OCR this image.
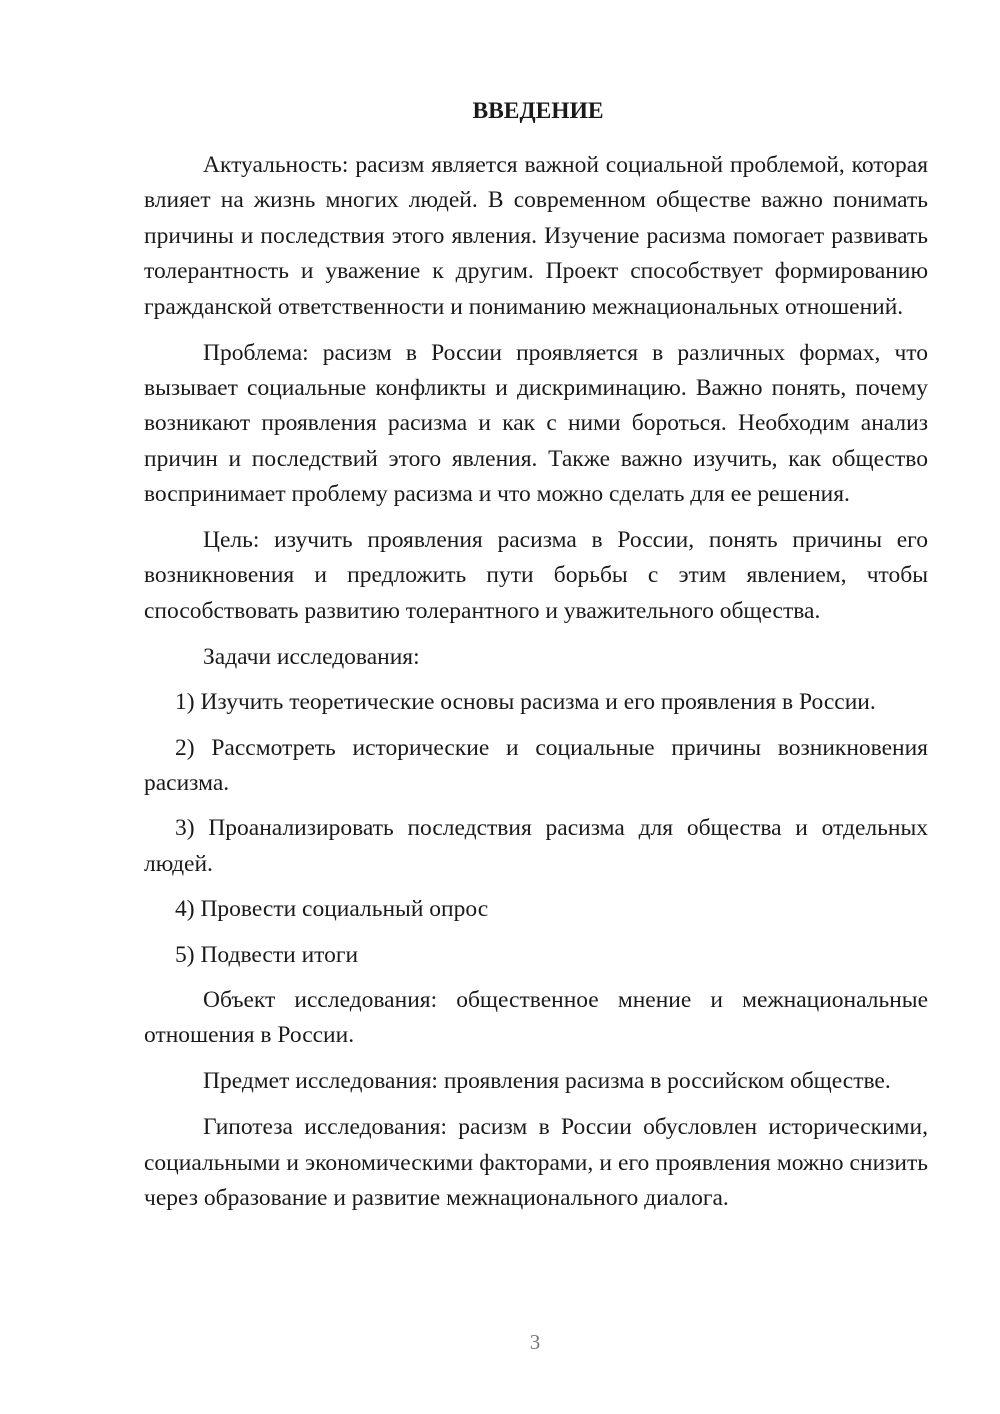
ВВЕДЕНИЕ

Актуальность: расизм является важной социальной проблемой, которая влияет на жизнь многих людей. В современном обществе важно понимать причины и последствия этого явления. Изучение расизма помогает развивать толерантность и уважение к другим. Проект способствует формированию гражданской ответственности и пониманию межнациональных отношений.

Проблема: расизм в России проявляется в различных формах, что вызывает социальные конфликты и дискриминацию. Важно понять, почему возникают проявления расизма и как с ними бороться. Необходим анализ причин и последствий этого явления. Также важно изучить, как общество воспринимает проблему расизма и что можно сделать для ее решения.

Цель: изучить проявления расизма в России, понять причины его возникновения и предложить пути борьбы с этим явлением, чтобы способствовать развитию толерантного и уважительного общества.

Задачи исследования:

1) Изучить теоретические основы расизма и его проявления в России.

2) Рассмотреть исторические и социальные причины возникновения расизма.

3) Проанализировать последствия расизма для общества и отдельных людей.

4) Провести социальный опрос

5) Подвести итоги

Объект исследования: общественное мнение и межнациональные отношения в России.

Предмет исследования: проявления расизма в российском обществе.

Гипотеза исследования: расизм в России обусловлен историческими, социальными и экономическими факторами, и его проявления можно снизить через образование и развитие межнационального диалога.

3
